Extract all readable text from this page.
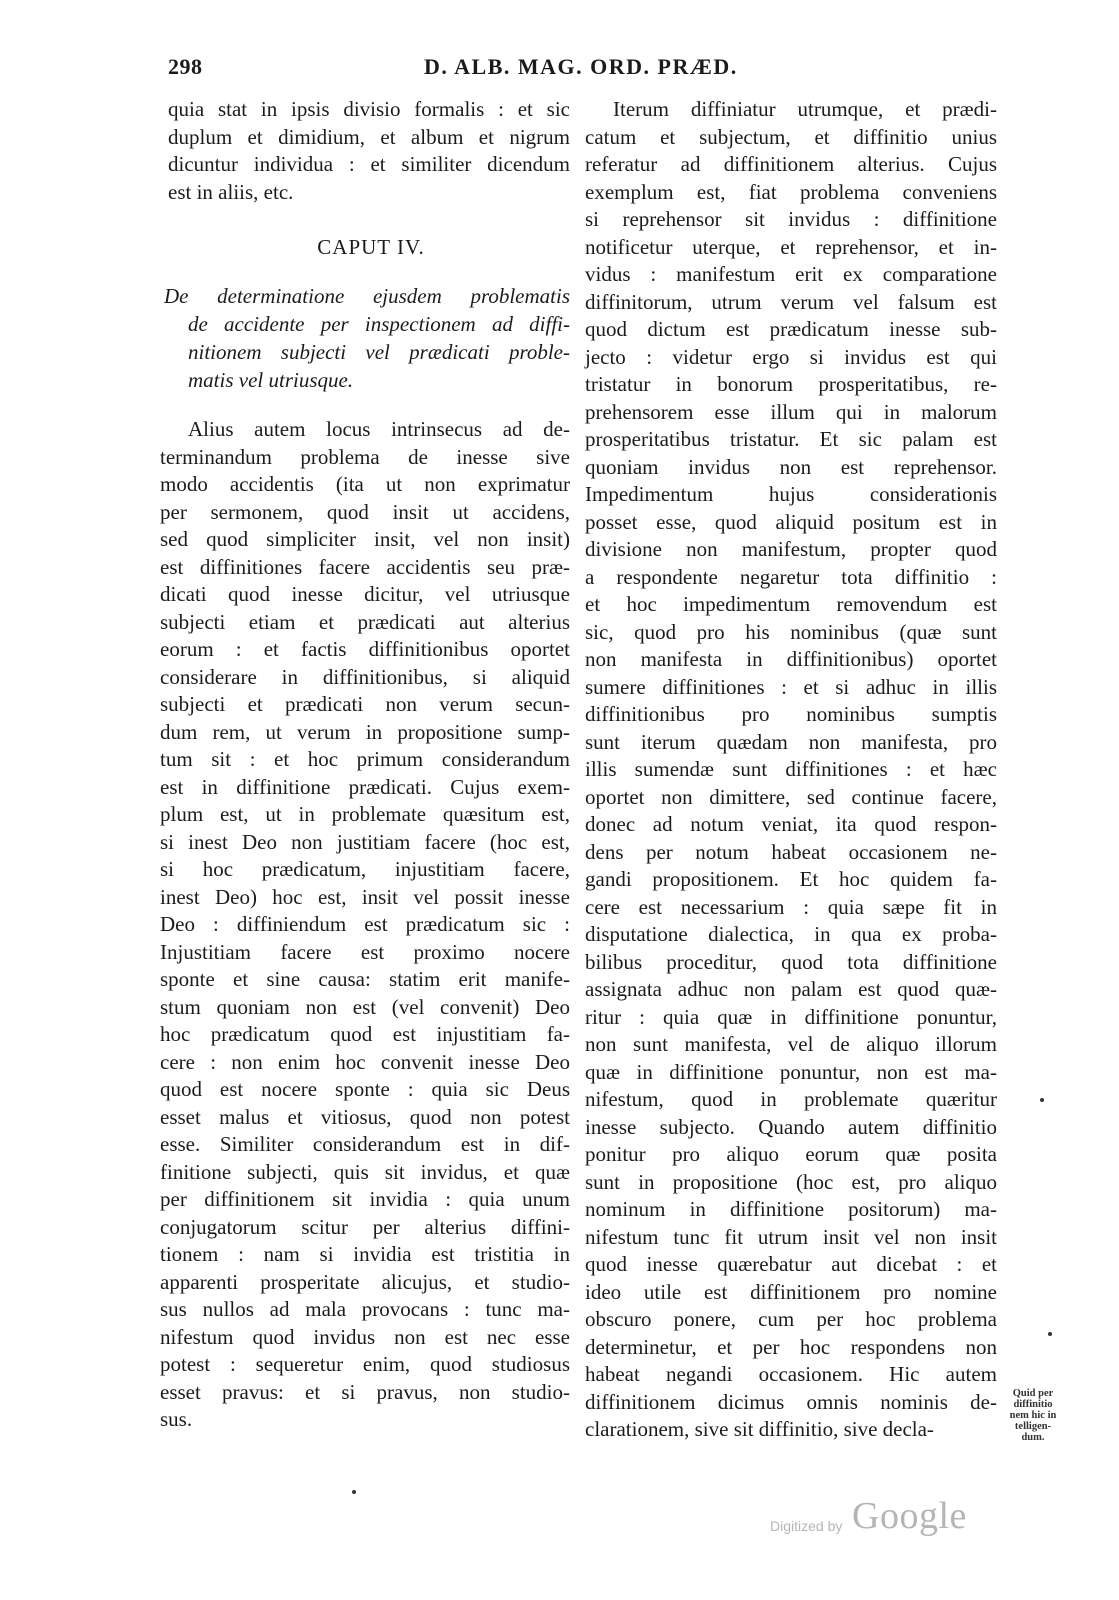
298	D. ALB. MAG. ORD. PRÆD.
quia stat in ipsis divisio formalis : et sic
duplum et dimidium, et album et nigrum
dicuntur individua : et similiter dicendum
est in aliis, etc.
CAPUT IV.
De determinatione ejusdem problematis
de accidente per inspectionem ad diffi-
nitionem subjecti vel prædicati proble-
matis vel utriusque.
Alius autem locus intrinsecus ad de-
terminandum problema de inesse sive
modo accidentis (ita ut non exprimatur
per sermonem, quod insit ut accidens,
sed quod simpliciter insit, vel non insit)
est diffinitiones facere accidentis seu præ-
dicati quod inesse dicitur, vel utriusque
subjecti etiam et prædicati aut alterius
eorum : et factis diffinitionibus oportet
considerare in diffinitionibus, si aliquid
subjecti et prædicati non verum secun-
dum rem, ut verum in propositione sump-
tum sit : et hoc primum considerandum
est in diffinitione prædicati. Cujus exem-
plum est, ut in problemate quæsitum est,
si inest Deo non justitiam facere (hoc est,
si hoc prædicatum, injustitiam facere,
inest Deo) hoc est, insit vel possit inesse
Deo : diffiniendum est prædicatum sic :
Injustitiam facere est proximo nocere
sponte et sine causa: statim erit manife-
stum quoniam non est (vel convenit) Deo
hoc prædicatum quod est injustitiam fa-
cere : non enim hoc convenit inesse Deo
quod est nocere sponte : quia sic Deus
esset malus et vitiosus, quod non potest
esse. Similiter considerandum est in dif-
finitione subjecti, quis sit invidus, et quæ
per diffinitionem sit invidia : quia unum
conjugatorum scitur per alterius diffini-
tionem : nam si invidia est tristitia in
apparenti prosperitate alicujus, et studio-
sus nullos ad mala provocans : tunc ma-
nifestum quod invidus non est nec esse
potest : sequeretur enim, quod studiosus
esset pravus: et si pravus, non studio-
sus.
Iterum diffiniatur utrumque, et prædi-
catum et subjectum, et diffinitio unius
referatur ad diffinitionem alterius. Cujus
exemplum est, fiat problema conveniens
si reprehensor sit invidus : diffinitione
notificetur uterque, et reprehensor, et in-
vidus : manifestum erit ex comparatione
diffinitorum, utrum verum vel falsum est
quod dictum est prædicatum inesse sub-
jecto : videtur ergo si invidus est qui
tristatur in bonorum prosperitatibus, re-
prehensorem esse illum qui in malorum
prosperitatibus tristatur. Et sic palam est
quoniam invidus non est reprehensor.
Impedimentum hujus considerationis
posset esse, quod aliquid positum est in
divisione non manifestum, propter quod
a respondente negaretur tota diffinitio :
et hoc impedimentum removendum est
sic, quod pro his nominibus (quæ sunt
non manifesta in diffinitionibus) oportet
sumere diffinitiones : et si adhuc in illis
diffinitionibus pro nominibus sumptis
sunt iterum quædam non manifesta, pro
illis sumendæ sunt diffinitiones : et hæc
oportet non dimittere, sed continue facere,
donec ad notum veniat, ita quod respon-
dens per notum habeat occasionem ne-
gandi propositionem. Et hoc quidem fa-
cere est necessarium : quia sæpe fit in
disputatione dialectica, in qua ex proba-
bilibus proceditur, quod tota diffinitione
assignata adhuc non palam est quod quæ-
ritur : quia quæ in diffinitione ponuntur,
non sunt manifesta, vel de aliquo illorum
quæ in diffinitione ponuntur, non est ma-
nifestum, quod in problemate quæritur
inesse subjecto. Quando autem diffinitio
ponitur pro aliquo eorum quæ posita
sunt in propositione (hoc est, pro aliquo
nominum in diffinitione positorum) ma-
nifestum tunc fit utrum insit vel non insit
quod inesse quærebatur aut dicebat : et
ideo utile est diffinitionem pro nomine
obscuro ponere, cum per hoc problema
determinetur, et per hoc respondens non
habeat negandi occasionem. Hic autem
diffinitionem dicimus omnis nominis de-
clarationem, sive sit diffinitio, sive decla-
Quid per
diffinitio
nem hic in
telligen-
dum.
Digitized by Google
